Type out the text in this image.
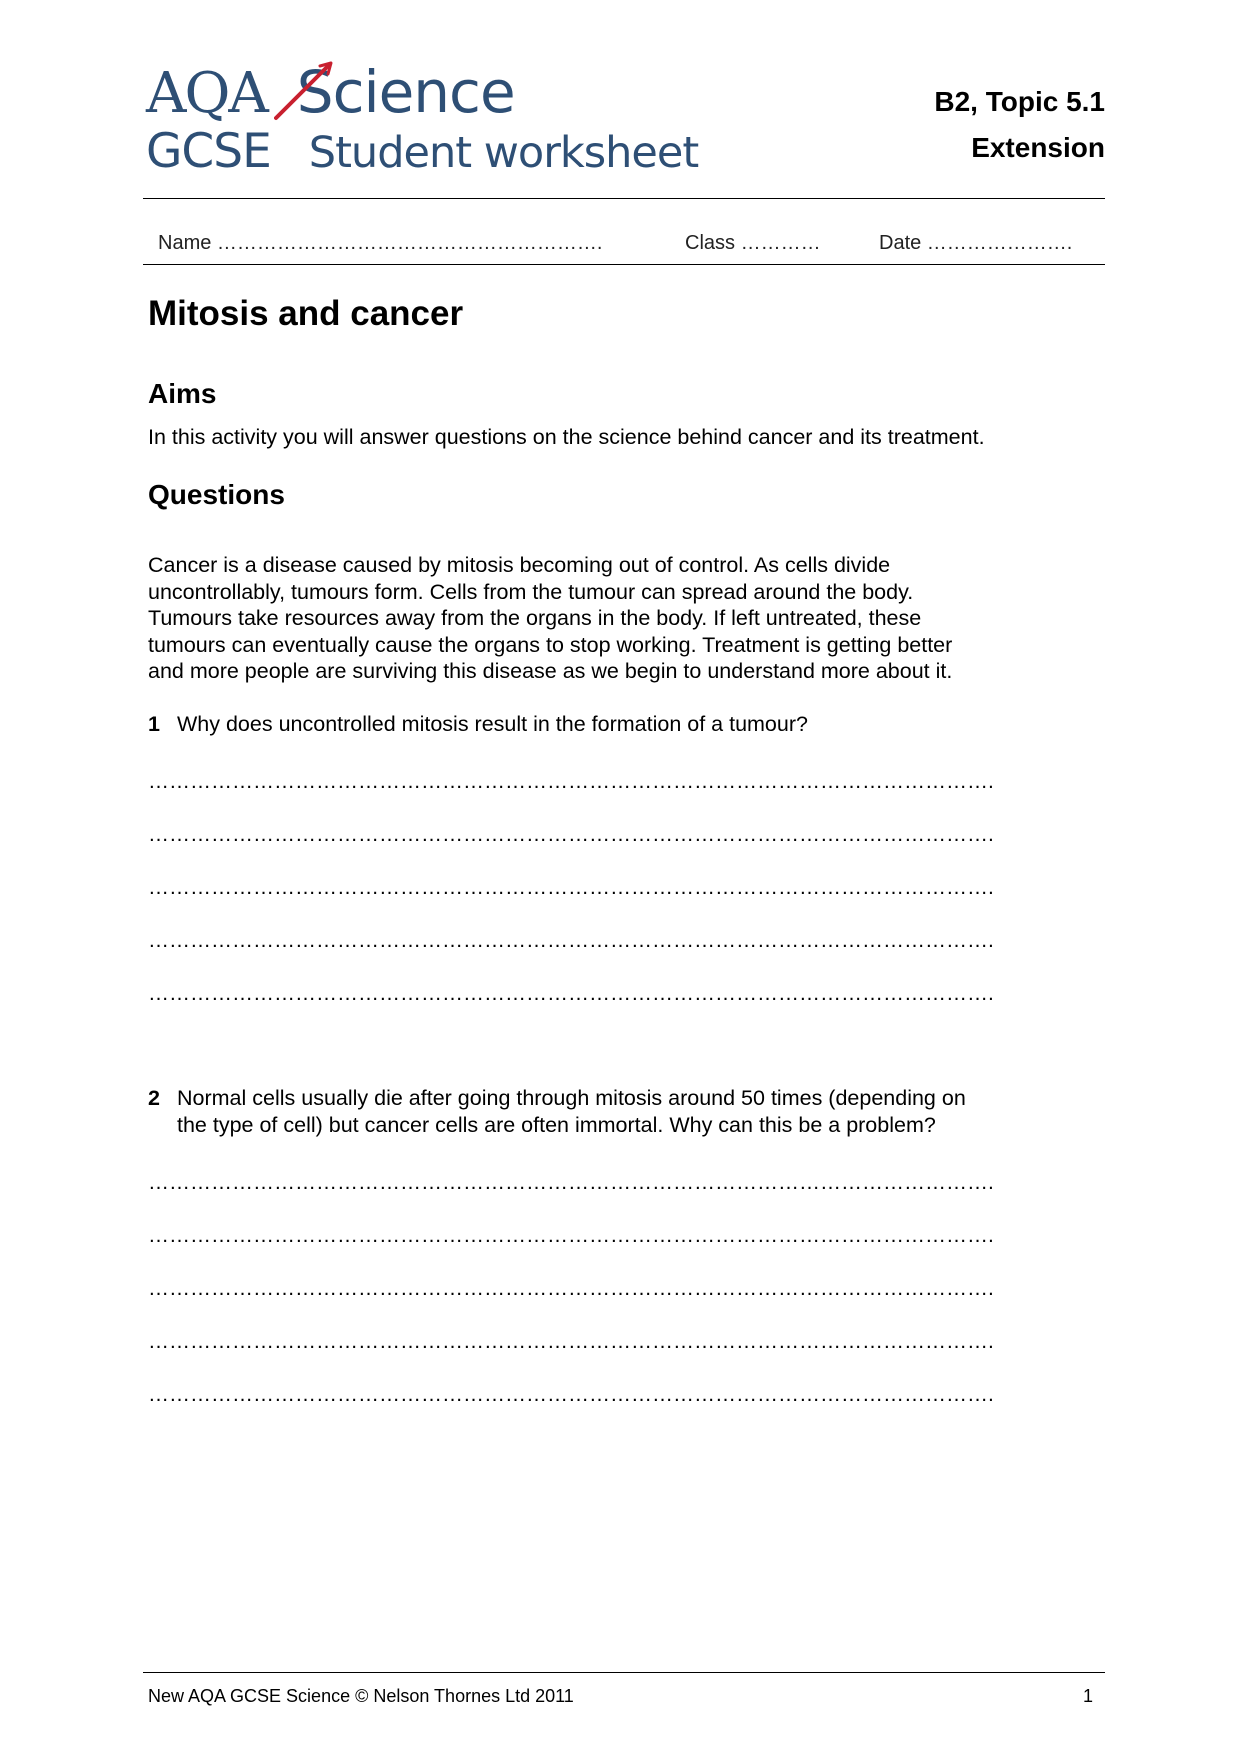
AQA Science
GCSE Student worksheet
B2, Topic 5.1
Extension
Name ………………………………………………….	Class …………	Date ………………….
Mitosis and cancer
Aims
In this activity you will answer questions on the science behind cancer and its treatment.
Questions
Cancer is a disease caused by mitosis becoming out of control. As cells divide
uncontrollably, tumours form. Cells from the tumour can spread around the body.
Tumours take resources away from the organs in the body. If left untreated, these
tumours can eventually cause the organs to stop working. Treatment is getting better
and more people are surviving this disease as we begin to understand more about it.
1 Why does uncontrolled mitosis result in the formation of a tumour?
………………………………………………………………………………………………………….
………………………………………………………………………………………………………….
………………………………………………………………………………………………………….
………………………………………………………………………………………………………….
………………………………………………………………………………………………………….
2 Normal cells usually die after going through mitosis around 50 times (depending on
the type of cell) but cancer cells are often immortal. Why can this be a problem?
………………………………………………………………………………………………………….
………………………………………………………………………………………………………….
………………………………………………………………………………………………………….
………………………………………………………………………………………………………….
………………………………………………………………………………………………………….
New AQA GCSE Science © Nelson Thornes Ltd 2011	1
